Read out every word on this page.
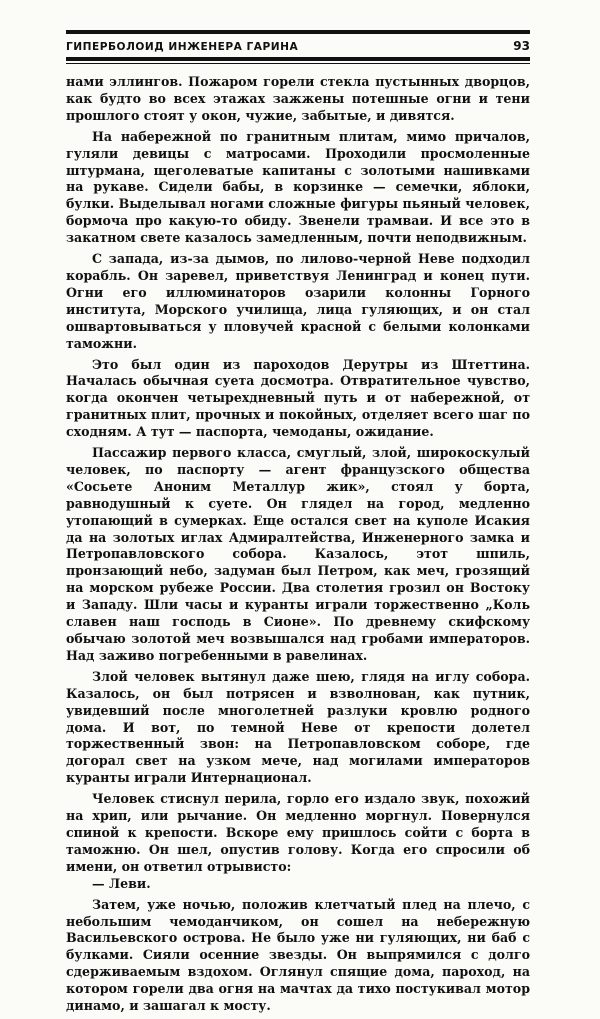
ГИПЕРБОЛОИД ИНЖЕНЕРА ГАРИНА	93

нами эллингов. Пожаром горели стекла пустынных дворцов, как будто во всех этажах зажжены потешные огни и тени прошлого стоят у окон, чужие, забытые, и дивятся.

На набережной по гранитным плитам, мимо причалов, гуляли девицы с матросами. Проходили просмоленные штурмана, щеголеватые капитаны с золотыми нашивками на рукаве. Сидели бабы, в корзинке — семечки, яблоки, булки. Выделывал ногами сложные фигуры пьяный человек, бормоча про какую-то обиду. Звенели трамваи. И все это в закатном свете казалось замедленным, почти неподвижным.

С запада, из-за дымов, по лилово-черной Неве подходил корабль. Он заревел, приветствуя Ленинград и конец пути. Огни его иллюминаторов озарили колонны Горного института, Морского училища, лица гуляющих, и он стал ошвартовываться у пловучей красной с белыми колонками таможни.

Это был один из пароходов Дерутры из Штеттина. Началась обычная суета досмотра. Отвратительное чувство, когда окончен четырехдневный путь и от набережной, от гранитных плит, прочных и покойных, отделяет всего шаг по сходням. А тут — паспорта, чемоданы, ожидание.

Пассажир первого класса, смуглый, злой, широкоскулый человек, по паспорту — агент французского общества «Сосьете Аноним Металлур жик», стоял у борта, равнодушный к суете. Он глядел на город, медленно утопающий в сумерках. Еще остался свет на куполе Исакия да на золотых иглах Адмиралтейства, Инженерного замка и Петропавловского собора. Казалось, этот шпиль, пронзающий небо, задуман был Петром, как меч, грозящий на морском рубеже России. Два столетия грозил он Востоку и Западу. Шли часы и куранты играли торжественно „Коль славен наш господь в Сионе». По древнему скифскому обычаю золотой меч возвышался над гробами императоров. Над заживо погребенными в равелинах.

Злой человек вытянул даже шею, глядя на иглу собора. Казалось, он был потрясен и взволнован, как путник, увидевший после многолетней разлуки кровлю родного дома. И вот, по темной Неве от крепости долетел торжественный звон: на Петропавловском соборе, где догорал свет на узком мече, над могилами императоров куранты играли Интернационал.

Человек стиснул перила, горло его издало звук, похожий на хрип, или рычание. Он медленно моргнул. Повернулся спиной к крепости. Вскоре ему пришлось сойти с борта в таможню. Он шел, опустив голову. Когда его спросили об имени, он ответил отрывисто:

— Леви.

Затем, уже ночью, положив клетчатый плед на плечо, с небольшим чемоданчиком, он сошел на небережную Васильевского острова. Не было уже ни гуляющих, ни баб с булками. Сияли осенние звезды. Он выпрямился с долго сдерживаемым вздохом. Оглянул спящие дома, пароход, на котором горели два огня на мачтах да тихо постукивал мотор динамо, и зашагал к мосту.
